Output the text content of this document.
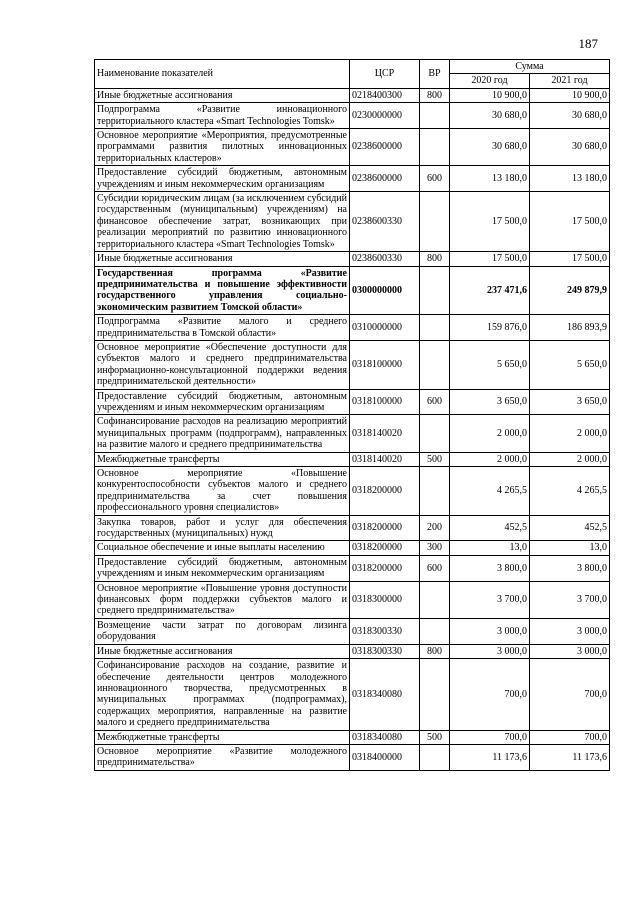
187
Наименование показателей	ЦСР	ВР	Сумма	
			2020 год	2021 год
Иные бюджетные ассигнования	0218400300	800	10 900,0	10 900,0
Подпрограмма «Развитие инновационного территориального кластера «Smart Technologies Tomsk»	0230000000		30 680,0	30 680,0
Основное мероприятие «Мероприятия, предусмотренные программами развития пилотных инновационных территориальных кластеров»	0238600000		30 680,0	30 680,0
Предоставление субсидий бюджетным, автономным учреждениям и иным некоммерческим организациям	0238600000	600	13 180,0	13 180,0
Субсидии юридическим лицам (за исключением субсидий государственным (муниципальным) учреждениям) на финансовое обеспечение затрат, возникающих при реализации мероприятий по развитию инновационного территориального кластера «Smart Technologies Tomsk»	0238600330		17 500,0	17 500,0
Иные бюджетные ассигнования	0238600330	800	17 500,0	17 500,0
Государственная программа «Развитие предпринимательства и повышение эффективности государственного управления социально-экономическим развитием Томской области»	0300000000		237 471,6	249 879,9
Подпрограмма «Развитие малого и среднего предпринимательства в Томской области»	0310000000		159 876,0	186 893,9
Основное мероприятие «Обеспечение доступности для субъектов малого и среднего предпринимательства информационно-консультационной поддержки ведения предпринимательской деятельности»	0318100000		5 650,0	5 650,0
Предоставление субсидий бюджетным, автономным учреждениям и иным некоммерческим организациям	0318100000	600	3 650,0	3 650,0
Софинансирование расходов на реализацию мероприятий муниципальных программ (подпрограмм), направленных на развитие малого и среднего предпринимательства	0318140020		2 000,0	2 000,0
Межбюджетные трансферты	0318140020	500	2 000,0	2 000,0
Основное мероприятие «Повышение конкурентоспособности субъектов малого и среднего предпринимательства за счет повышения профессионального уровня специалистов»	0318200000		4 265,5	4 265,5
Закупка товаров, работ и услуг для обеспечения государственных (муниципальных) нужд	0318200000	200	452,5	452,5
Социальное обеспечение и иные выплаты населению	0318200000	300	13,0	13,0
Предоставление субсидий бюджетным, автономным учреждениям и иным некоммерческим организациям	0318200000	600	3 800,0	3 800,0
Основное мероприятие «Повышение уровня доступности финансовых форм поддержки субъектов малого и среднего предпринимательства»	0318300000		3 700,0	3 700,0
Возмещение части затрат по договорам лизинга оборудования	0318300330		3 000,0	3 000,0
Иные бюджетные ассигнования	0318300330	800	3 000,0	3 000,0
Софинансирование расходов на создание, развитие и обеспечение деятельности центров молодежного инновационного творчества, предусмотренных в муниципальных программах (подпрограммах), содержащих мероприятия, направленные на развитие малого и среднего предпринимательства	0318340080		700,0	700,0
Межбюджетные трансферты	0318340080	500	700,0	700,0
Основное мероприятие «Развитие молодежного предпринимательства»	0318400000		11 173,6	11 173,6
